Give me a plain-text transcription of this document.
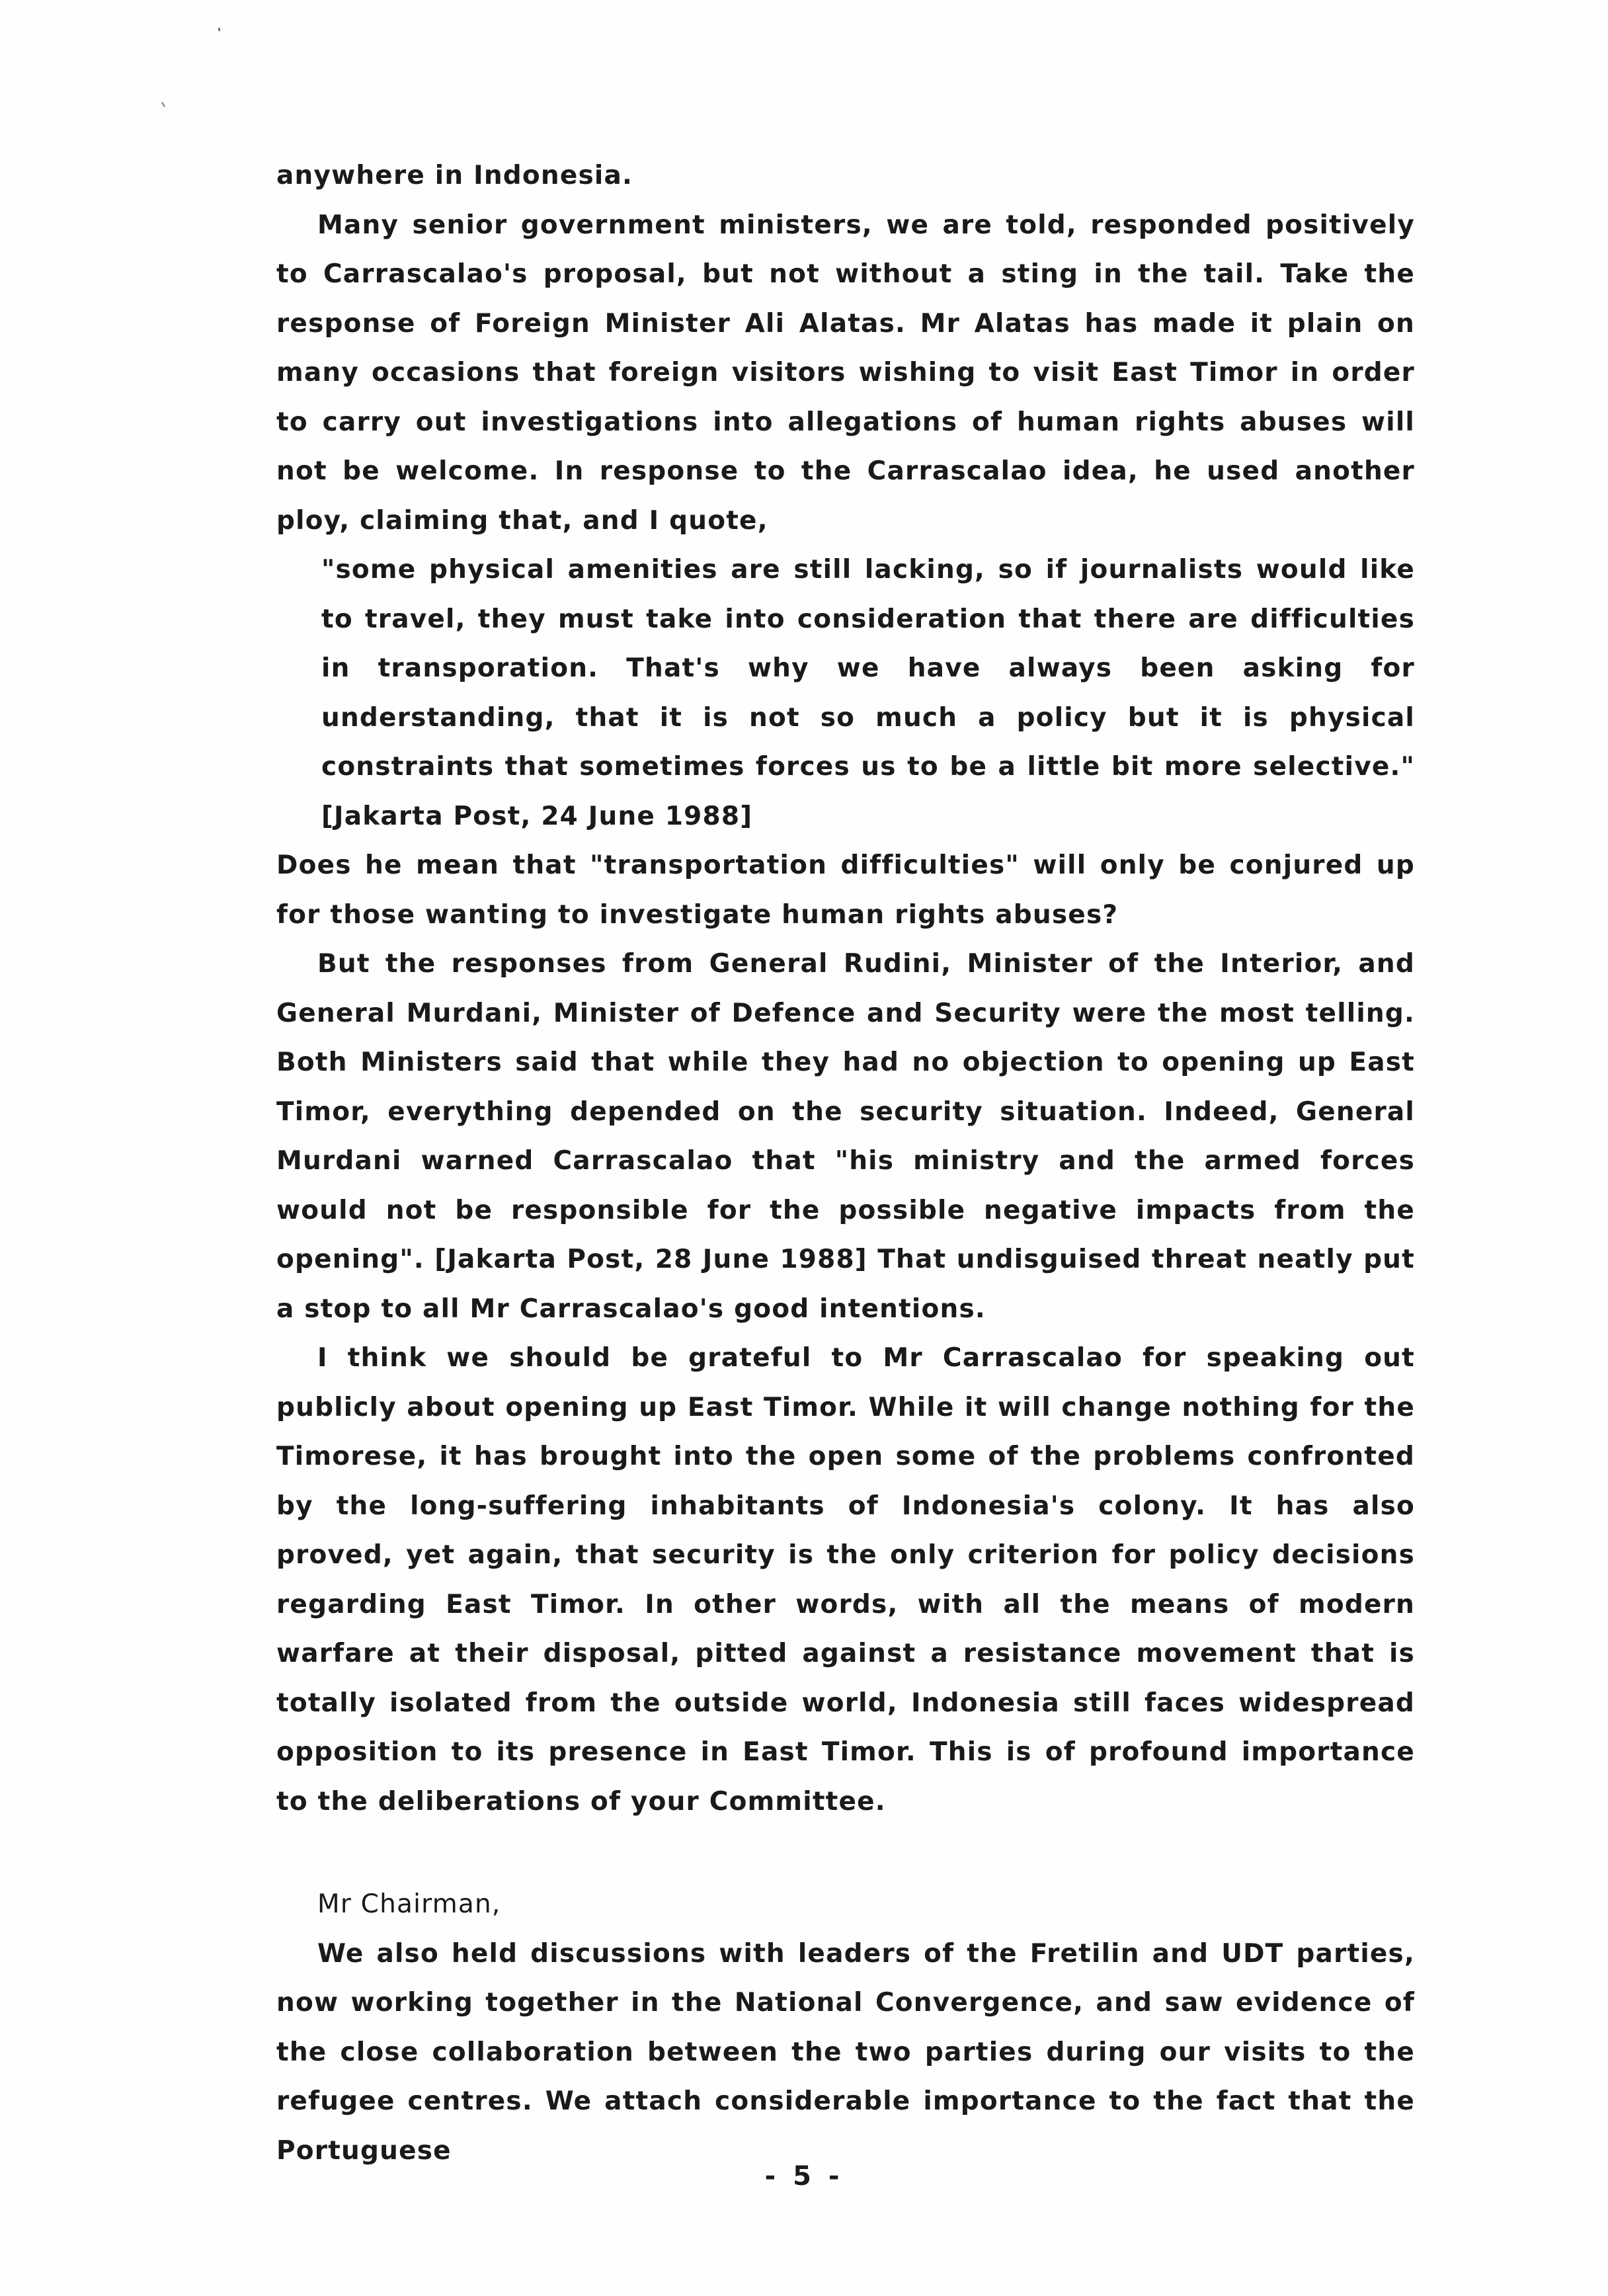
anywhere in Indonesia.

Many senior government ministers, we are told, responded positively to Carrascalao's proposal, but not without a sting in the tail. Take the response of Foreign Minister Ali Alatas. Mr Alatas has made it plain on many occasions that foreign visitors wishing to visit East Timor in order to carry out investigations into allegations of human rights abuses will not be welcome. In response to the Carrascalao idea, he used another ploy, claiming that, and I quote,

"some physical amenities are still lacking, so if journalists would like to travel, they must take into consideration that there are difficulties in transporation. That's why we have always been asking for understanding, that it is not so much a policy but it is physical constraints that sometimes forces us to be a little bit more selective." [Jakarta Post, 24 June 1988]

Does he mean that "transportation difficulties" will only be conjured up for those wanting to investigate human rights abuses?

But the responses from General Rudini, Minister of the Interior, and General Murdani, Minister of Defence and Security were the most telling. Both Ministers said that while they had no objection to opening up East Timor, everything depended on the security situation. Indeed, General Murdani warned Carrascalao that "his ministry and the armed forces would not be responsible for the possible negative impacts from the opening". [Jakarta Post, 28 June 1988] That undisguised threat neatly put a stop to all Mr Carrascalao's good intentions.

I think we should be grateful to Mr Carrascalao for speaking out publicly about opening up East Timor. While it will change nothing for the Timorese, it has brought into the open some of the problems confronted by the long-suffering inhabitants of Indonesia's colony. It has also proved, yet again, that security is the only criterion for policy decisions regarding East Timor. In other words, with all the means of modern warfare at their disposal, pitted against a resistance movement that is totally isolated from the outside world, Indonesia still faces widespread opposition to its presence in East Timor. This is of profound importance to the deliberations of your Committee.

Mr Chairman,

We also held discussions with leaders of the Fretilin and UDT parties, now working together in the National Convergence, and saw evidence of the close collaboration between the two parties during our visits to the refugee centres. We attach considerable importance to the fact that the Portuguese

- 5 -
